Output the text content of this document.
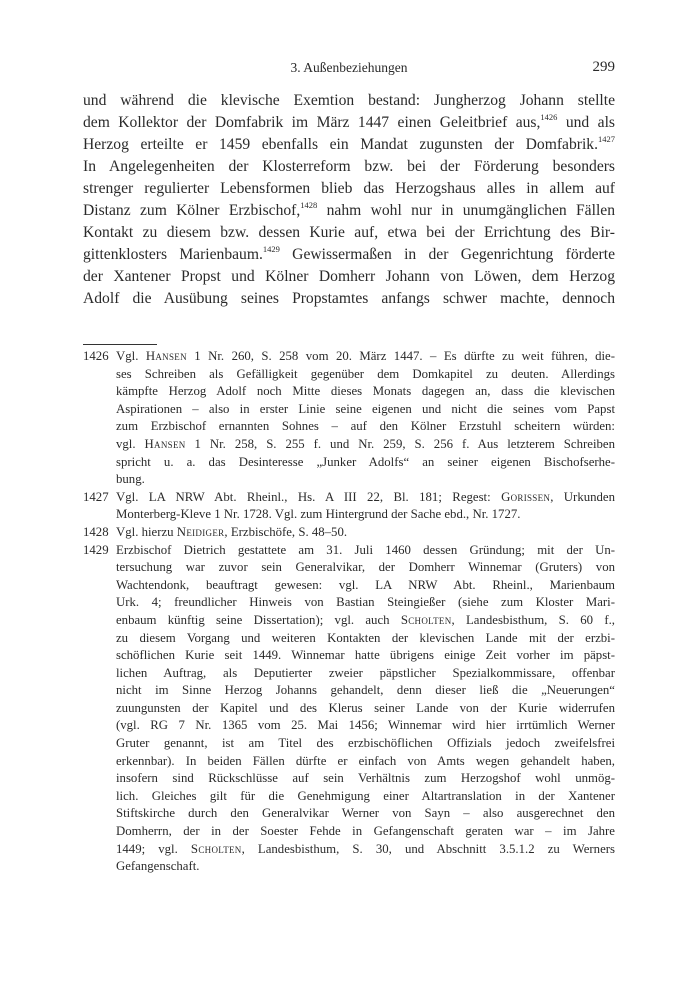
3. Außenbeziehungen	299
und während die klevische Exemtion bestand: Jungherzog Johann stellte
dem Kollektor der Domfabrik im März 1447 einen Geleitbrief aus,$^{1426}$ und als
Herzog erteilte er 1459 ebenfalls ein Mandat zugunsten der Domfabrik.$^{1427}$
In Angelegenheiten der Klosterreform bzw. bei der Förderung besonders
strenger regulierter Lebensformen blieb das Herzogshaus alles in allem auf
Distanz zum Kölner Erzbischof,$^{1428}$ nahm wohl nur in unumgänglichen Fällen
Kontakt zu diesem bzw. dessen Kurie auf, etwa bei der Errichtung des Bir-
gittenklosters Marienbaum.$^{1429}$ Gewissermaßen in der Gegenrichtung förderte
der Xantener Propst und Kölner Domherr Johann von Löwen, dem Herzog
Adolf die Ausübung seines Propstamtes anfangs schwer machte, dennoch
1426 Vgl. Hansen 1 Nr. 260, S. 258 vom 20. März 1447. – Es dürfte zu weit führen, die-
ses Schreiben als Gefälligkeit gegenüber dem Domkapitel zu deuten. Allerdings
kämpfte Herzog Adolf noch Mitte dieses Monats dagegen an, dass die klevischen
Aspirationen – also in erster Linie seine eigenen und nicht die seines vom Papst
zum Erzbischof ernannten Sohnes – auf den Kölner Erzstuhl scheitern würden:
vgl. Hansen 1 Nr. 258, S. 255 f. und Nr. 259, S. 256 f. Aus letzterem Schreiben
spricht u. a. das Desinteresse „Junker Adolfs“ an seiner eigenen Bischofserhe-
bung.
1427 Vgl. LA NRW Abt. Rheinl., Hs. A III 22, Bl. 181; Regest: Gorissen, Urkunden
Monterberg-Kleve 1 Nr. 1728. Vgl. zum Hintergrund der Sache ebd., Nr. 1727.
1428 Vgl. hierzu Neidiger, Erzbischöfe, S. 48–50.
1429 Erzbischof Dietrich gestattete am 31. Juli 1460 dessen Gründung; mit der Un-
tersuchung war zuvor sein Generalvikar, der Domherr Winnemar (Gruters) von
Wachtendonk, beauftragt gewesen: vgl. LA NRW Abt. Rheinl., Marienbaum
Urk. 4; freundlicher Hinweis von Bastian Steingießer (siehe zum Kloster Mari-
enbaum künftig seine Dissertation); vgl. auch Scholten, Landesbisthum, S. 60 f.,
zu diesem Vorgang und weiteren Kontakten der klevischen Lande mit der erzbi-
schöflichen Kurie seit 1449. Winnemar hatte übrigens einige Zeit vorher im päpst-
lichen Auftrag, als Deputierter zweier päpstlicher Spezialkommissare, offenbar
nicht im Sinne Herzog Johanns gehandelt, denn dieser ließ die „Neuerungen“
zuungunsten der Kapitel und des Klerus seiner Lande von der Kurie widerrufen
(vgl. RG 7 Nr. 1365 vom 25. Mai 1456; Winnemar wird hier irrtümlich Werner
Gruter genannt, ist am Titel des erzbischöflichen Offizials jedoch zweifelsfrei
erkennbar). In beiden Fällen dürfte er einfach von Amts wegen gehandelt haben,
insofern sind Rückschlüsse auf sein Verhältnis zum Herzogshof wohl unmög-
lich. Gleiches gilt für die Genehmigung einer Altartranslation in der Xantener
Stiftskirche durch den Generalvikar Werner von Sayn – also ausgerechnet den
Domherrn, der in der Soester Fehde in Gefangenschaft geraten war – im Jahre
1449; vgl. Scholten, Landesbisthum, S. 30, und Abschnitt 3.5.1.2 zu Werners
Gefangenschaft.
